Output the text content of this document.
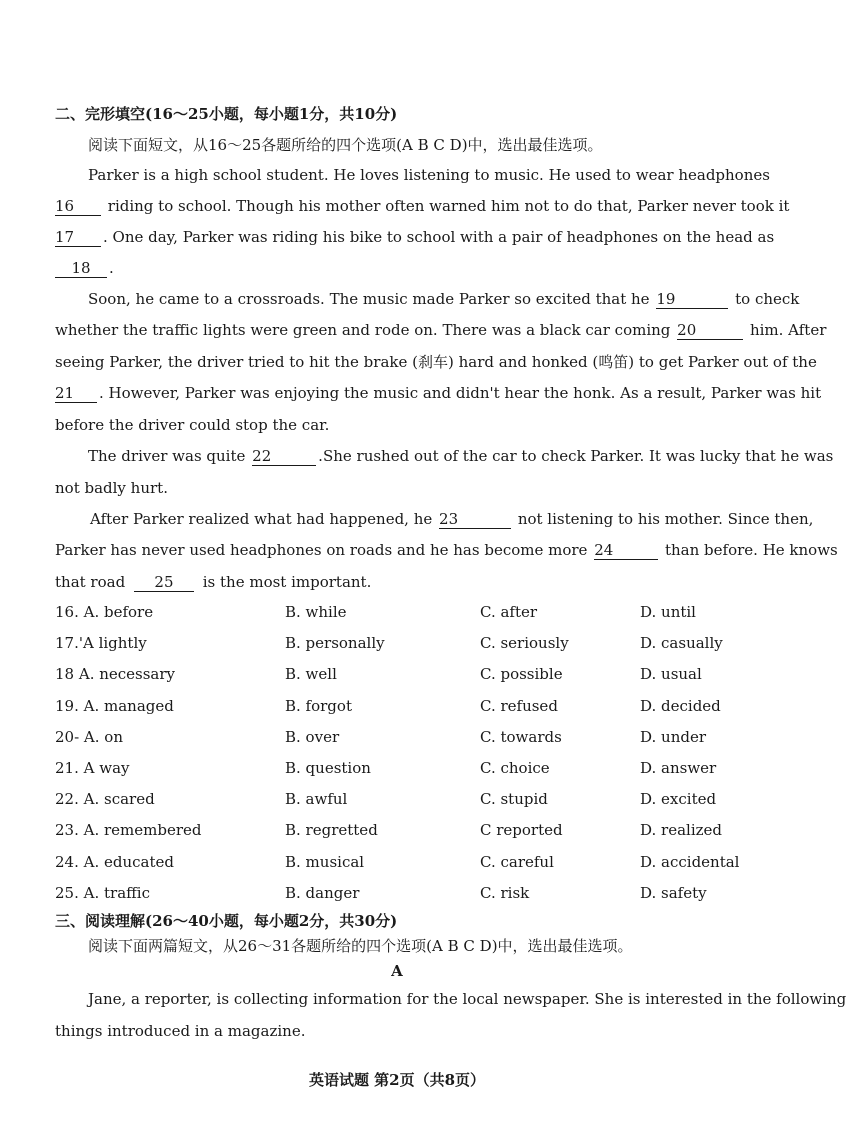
二、完形填空(16～25小题，每小题1分，共10分)
阅读下面短文，从16～25各题所给的四个选项(A B C D)中，选出最佳选项。
Parker is a high school student. He loves listening to music. He used to wear headphones
16 riding to school. Though his mother often warned him not to do that, Parker never took it
17 . One day, Parker was riding his bike to school with a pair of headphones on the head as
18 .
Soon, he came to a crossroads. The music made Parker so excited that he 19	to check
whether the traffic lights were green and rode on. There was a black car coming 20	him. After
seeing Parker, the driver tried to hit the brake (刹车) hard and honked (鸣笛) to get Parker out of the
21 . However, Parker was enjoying the music and didn't hear the honk. As a result, Parker was hit
before the driver could stop the car.
The driver was quite 22	.She rushed out of the car to check Parker. It was lucky that he was
not badly hurt.
After Parker realized what had happened, he 23	not listening to his mother. Since then,
Parker has never used headphones on roads and he has become more 24	than before. He knows
that road 25 is the most important.
16. A. before	B. while	C. after	D. until
17.'A lightly	B. personally	C. seriously	D. casually
18 A. necessary	B. well	C. possible	D. usual
19. A. managed	B. forgot	C. refused	D. decided
20- A. on	B. over	C. towards	D. under
21. A way	B. question	C. choice	D. answer
22. A. scared	B. awful	C. stupid	D. excited
23. A. remembered	B. regretted	C reported	D. realized
24. A. educated	B. musical	C. careful	D. accidental
25. A. traffic	B. danger	C. risk	D. safety
三、阅读理解(26～40小题，每小题2分，共30分)
阅读下面两篇短文，从26～31各题所给的四个选项(A B C D)中，选出最佳选项。
A
Jane, a reporter, is collecting information for the local newspaper. She is interested in the following
things introduced in a magazine.
英语试题 第2页（共8页）
